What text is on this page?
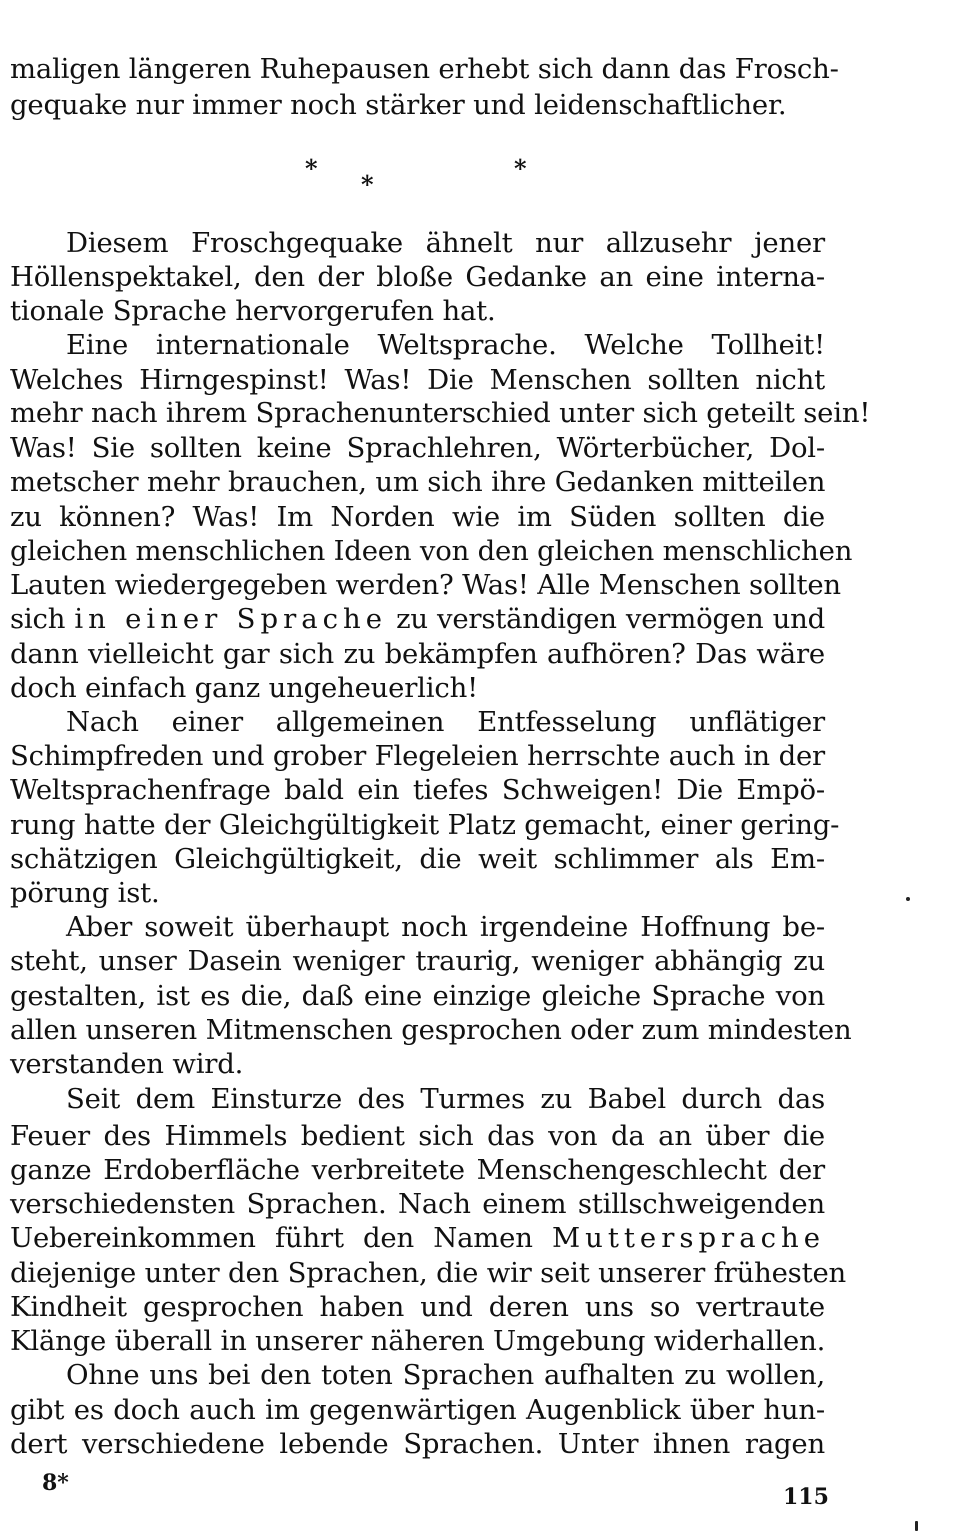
maligen längeren Ruhepausen erhebt sich dann das Frosch-
gequake nur immer noch stärker und leidenschaftlicher.
*
*
*
Diesem Froschgequake ähnelt nur allzusehr jener
Höllenspektakel, den der bloße Gedanke an eine interna-
tionale Sprache hervorgerufen hat.
Eine internationale Weltsprache. Welche Tollheit!
Welches Hirngespinst! Was! Die Menschen sollten nicht
mehr nach ihrem Sprachenunterschied unter sich geteilt sein!
Was! Sie sollten keine Sprachlehren, Wörterbücher, Dol-
metscher mehr brauchen, um sich ihre Gedanken mitteilen
zu können? Was! Im Norden wie im Süden sollten die
gleichen menschlichen Ideen von den gleichen menschlichen
Lauten wiedergegeben werden? Was! Alle Menschen sollten
sich in einer Sprache zu verständigen vermögen und
dann vielleicht gar sich zu bekämpfen aufhören? Das wäre
doch einfach ganz ungeheuerlich!
Nach einer allgemeinen Entfesselung unflätiger
Schimpfreden und grober Flegeleien herrschte auch in der
Weltsprachenfrage bald ein tiefes Schweigen! Die Empö-
rung hatte der Gleichgültigkeit Platz gemacht, einer gering-
schätzigen Gleichgültigkeit, die weit schlimmer als Em-
pörung ist.
Aber soweit überhaupt noch irgendeine Hoffnung be-
steht, unser Dasein weniger traurig, weniger abhängig zu
gestalten, ist es die, daß eine einzige gleiche Sprache von
allen unseren Mitmenschen gesprochen oder zum mindesten
verstanden wird.
Seit dem Einsturze des Turmes zu Babel durch das
Feuer des Himmels bedient sich das von da an über die
ganze Erdoberfläche verbreitete Menschengeschlecht der
verschiedensten Sprachen. Nach einem stillschweigenden
Uebereinkommen führt den Namen Muttersprache
diejenige unter den Sprachen, die wir seit unserer frühesten
Kindheit gesprochen haben und deren uns so vertraute
Klänge überall in unserer näheren Umgebung widerhallen.
Ohne uns bei den toten Sprachen aufhalten zu wollen,
gibt es doch auch im gegenwärtigen Augenblick über hun-
dert verschiedene lebende Sprachen. Unter ihnen ragen
8*
115
